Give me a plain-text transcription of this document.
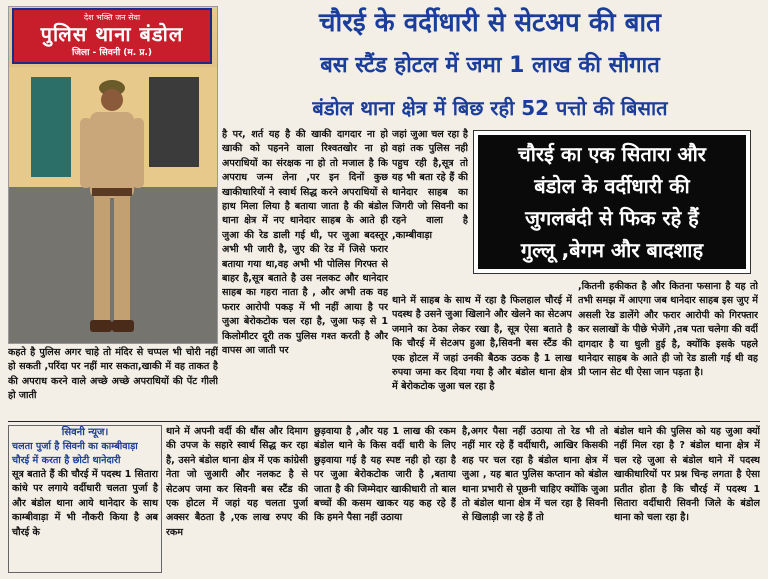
देश भक्ति जन सेवा
पुलिस थाना बंडोल
जिला - सिवनी (म. प्र.)
चौरई के वर्दीधारी से सेटअप की बात
बस स्टैंड होटल में जमा 1 लाख की सौगात
बंडोल थाना क्षेत्र में बिछ रही 52 पत्तो की बिसात
है पर, शर्त यह है की खाकी दागदार ना हो खाकी को पहनने वाला रिश्वतखोर ना हो अपराधियों का संरक्षक ना हो तो मजाल है कि अपराध जन्म लेना ,पर इन दिनों कुछ खाकीधारियों ने स्वार्थ सिद्ध करने अपराधियों से हाथ मिला लिया है बताया जाता है की बंडोल थाना क्षेत्र में नए थानेदार साहब के आते ही जुआ की रेड डाली गई थी, पर जुआ बदस्तूर अभी भी जारी है, जुए की रेड में जिसे फरार बताया गया था,वह अभी भी पोलिस गिरफ्त से बाहर है,सूत्र बताते है उस नलकट और थानेदार साहब का गहरा नाता है , और अभी तक वह फरार आरोपी पकड़ में भी नहीं आया है पर जुआ बेरोकटोक चल रहा है, जुआ फड़ से 1 किलोमीटर दूरी तक पुलिस गश्त करती है और वापस आ जाती पर
जहां जुआ चल रहा है वहां तक पुलिस नही पहुच रही है,सूत्र तो यह भी बता रहे हैं की थानेदार साहब का जिगरी जो सिवनी का रहने वाला है ,काम्बीवाड़ा
चौरई का एक सितारा और
बंडोल के वर्दीधारी की
जुगलबंदी से फिक रहे हैं
गुल्लू ,बेगम और बादशाह
थाने में साहब के साथ में रहा है फिलहाल चौरई में पदस्थ है उसने जुआ खिलाने और खेलने का सेटअप जमाने का ठेका लेकर रखा है, सूत्र ऐसा बताते है कि चौरई में सेटअप हुआ है,सिवनी बस स्टैंड की एक होटल में जहां उनकी बैठक उठक है 1 लाख रुपया जमा कर दिया गया है और बंडोल थाना क्षेत्र में बेरोकटोक जुआ चल रहा है
,कितनी हकीकत है और कितना फसाना है यह तो तभी समझ में आएगा जब थानेदार साहब इस जुए में असली रेड डालेंगे और फरार आरोपी को गिरफ्तार कर सलाखों के पीछे भेजेंगे ,तब पता चलेगा की वर्दी दागदार है या धुली हुई है, क्योंकि इसके पहले थानेदार साहब के आते ही जो रेड डाली गई थी वह प्री प्लान सेट थी ऐसा जान पड़ता है।
कहते है पुलिस अगर चाहे तो मंदिर से चप्पल भी चोरी नहीं हो सकती ,परिंदा पर नहीं मार सकता,खाकी में वह ताकत है की अपराध करने वाले अच्छे अच्छे अपराधियों की पेंट गीली हो जाती
सिवनी न्यूज।
चलता पुर्जा है सिवनी का काम्बीवाड़ा चौरई में करता है छोटी थानेदारी
सूत्र बताते हैं की चौरई में पदस्थ 1 सितारा कांधे पर लगाये वर्दीधारी चलता पुर्जा है और बंडोल थाना आये थानेदार के साथ काम्बीवाड़ा में भी नौकरी किया है अब चौरई के
थाने में अपनी वर्दी की धौंस और दिमाग की उपज के सहारे स्वार्थ सिद्ध कर रहा है, उसने बंडोल थाना क्षेत्र में एक कांग्रेसी नेता जो जुआरी और नलकट है से सेटअप जमा कर सिवनी बस स्टैंड की एक होटल में जहां यह चलता पुर्जा अक्सर बैठता है ,एक लाख रुपए की रकम
छुड़वाया है ,और यह 1 लाख की रकम बंडोल थाने के किस वर्दी धारी के लिए छुड़वाया गई है यह स्पष्ट नही हो रहा है पर जुआ बेरोकटोक जारी है ,बताया जाता है की जिम्मेदार खाकीधारी तो बाल बच्चों की कसम खाकर यह कह रहे हैं कि हमने पैसा नहीं उठाया
है,अगर पैसा नहीं उठाया तो रेड भी तो नहीं मार रहे हैं वर्दीधारी, आखिर किसकी शह पर चल रहा है बंडोल थाना क्षेत्र में जुआ , यह बात पुलिस कप्तान को बंडोल थाना प्रभारी से पूछनी चाहिए क्योंकि जुआ तो बंडोल थाना क्षेत्र में चल रहा है सिवनी से खिलाड़ी जा रहे हैं तो
बंडोल थाने की पुलिस को यह जुआ क्यों नहीं मिल रहा है ? बंडोल थाना क्षेत्र में चल रहे जुआ से बंडोल थाने में पदस्थ खाकीधारियों पर प्रश्न चिन्ह लगता है ऐसा प्रतीत होता है कि चौरई में पदस्थ 1 सितारा वर्दीधारी सिवनी जिले के बंडोल थाना को चला रहा है।
